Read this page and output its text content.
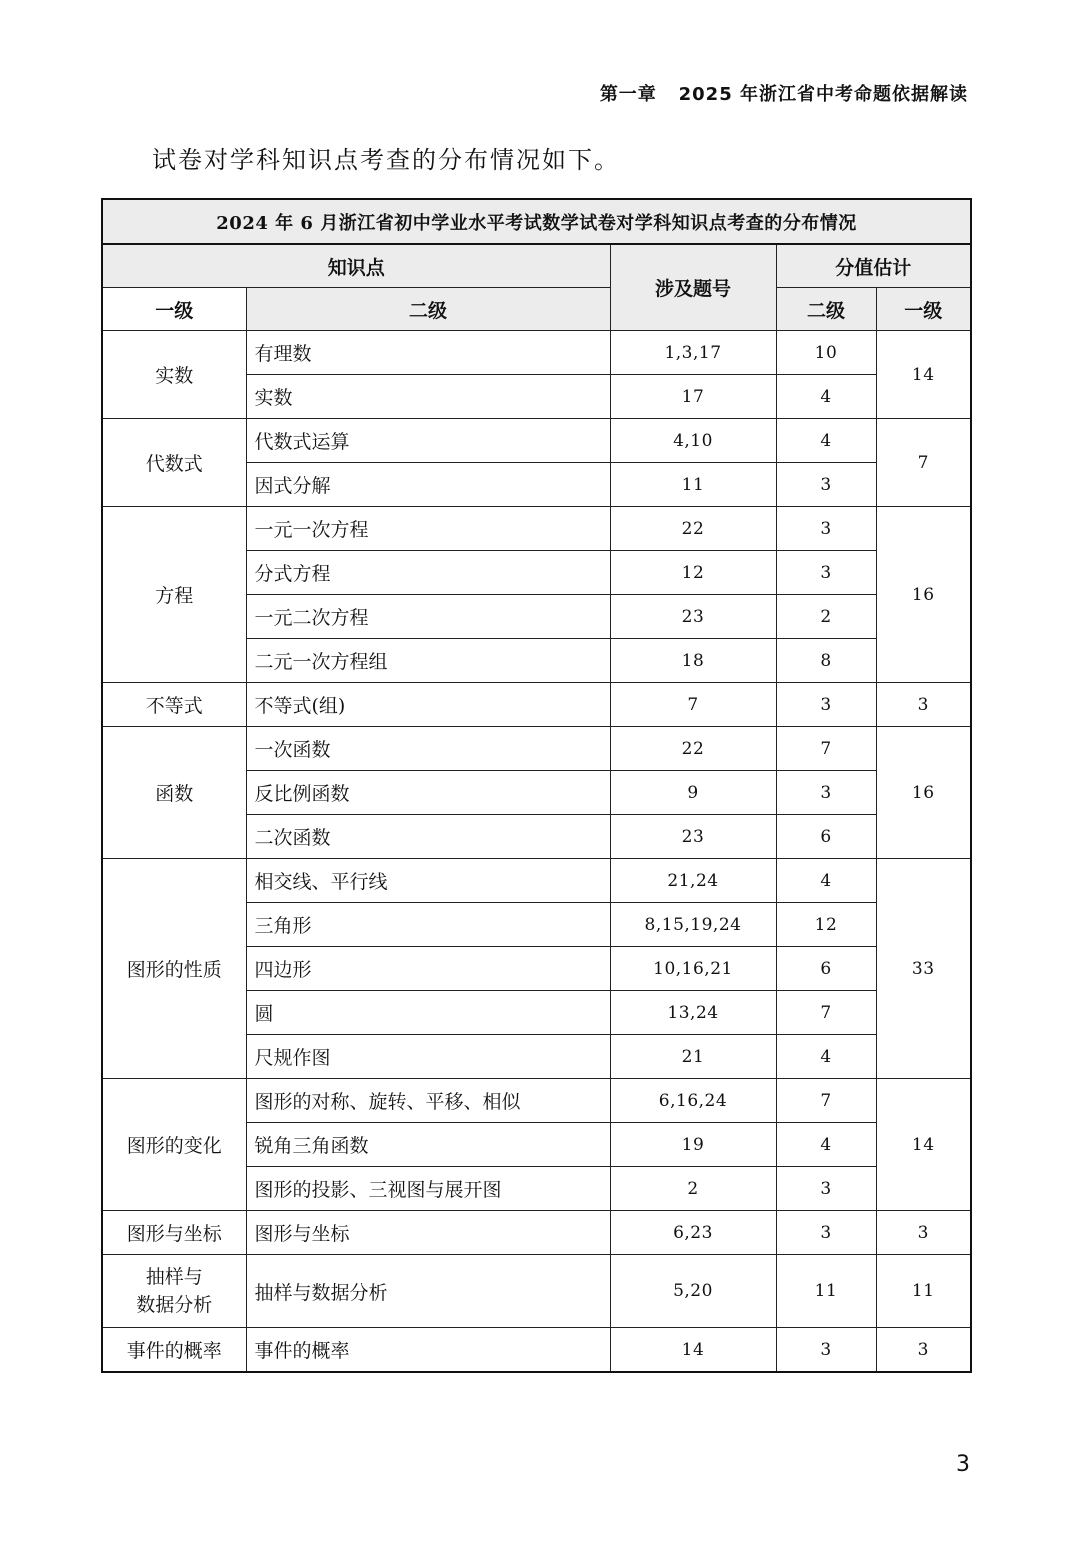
第一章 2025 年浙江省中考命题依据解读
试卷对学科知识点考查的分布情况如下。
2024 年 6 月浙江省初中学业水平考试数学试卷对学科知识点考查的分布情况				
知识点		涉及题号	分值估计	
一级	二级		二级	一级
实数	有理数	1,3,17	10	14
	实数	17	4	
代数式	代数式运算	4,10	4	7
	因式分解	11	3	
方程	一元一次方程	22	3	16
	分式方程	12	3	
	一元二次方程	23	2	
	二元一次方程组	18	8	
不等式	不等式(组)	7	3	3
函数	一次函数	22	7	16
	反比例函数	9	3	
	二次函数	23	6	
图形的性质	相交线、平行线	21,24	4	33
	三角形	8,15,19,24	12	
	四边形	10,16,21	6	
	圆	13,24	7	
	尺规作图	21	4	
图形的变化	图形的对称、旋转、平移、相似	6,16,24	7	14
	锐角三角函数	19	4	
	图形的投影、三视图与展开图	2	3	
图形与坐标	图形与坐标	6,23	3	3

抽样与
数据分析	抽样与数据分析	5,20	11	11
事件的概率	事件的概率	14	3	3
3
